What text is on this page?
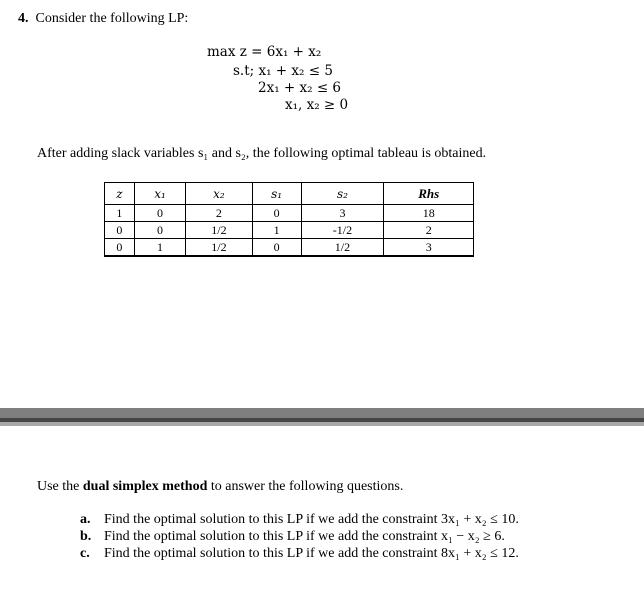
4. Consider the following LP:
max z = 6x₁ + x₂
s.t; x₁ + x₂ ≤ 5
2x₁ + x₂ ≤ 6
x₁, x₂ ≥ 0
After adding slack variables s₁ and s₂, the following optimal tableau is obtained.
z	x₁	x₂	s₁	s₂	Rhs
1	0	2	0	3	18
0	0	1/2	1	-1/2	2
0	1	1/2	0	1/2	3
Use the dual simplex method to answer the following questions.
a. Find the optimal solution to this LP if we add the constraint 3x₁ + x₂ ≤ 10.
b. Find the optimal solution to this LP if we add the constraint x₁ − x₂ ≥ 6.
c. Find the optimal solution to this LP if we add the constraint 8x₁ + x₂ ≤ 12.
